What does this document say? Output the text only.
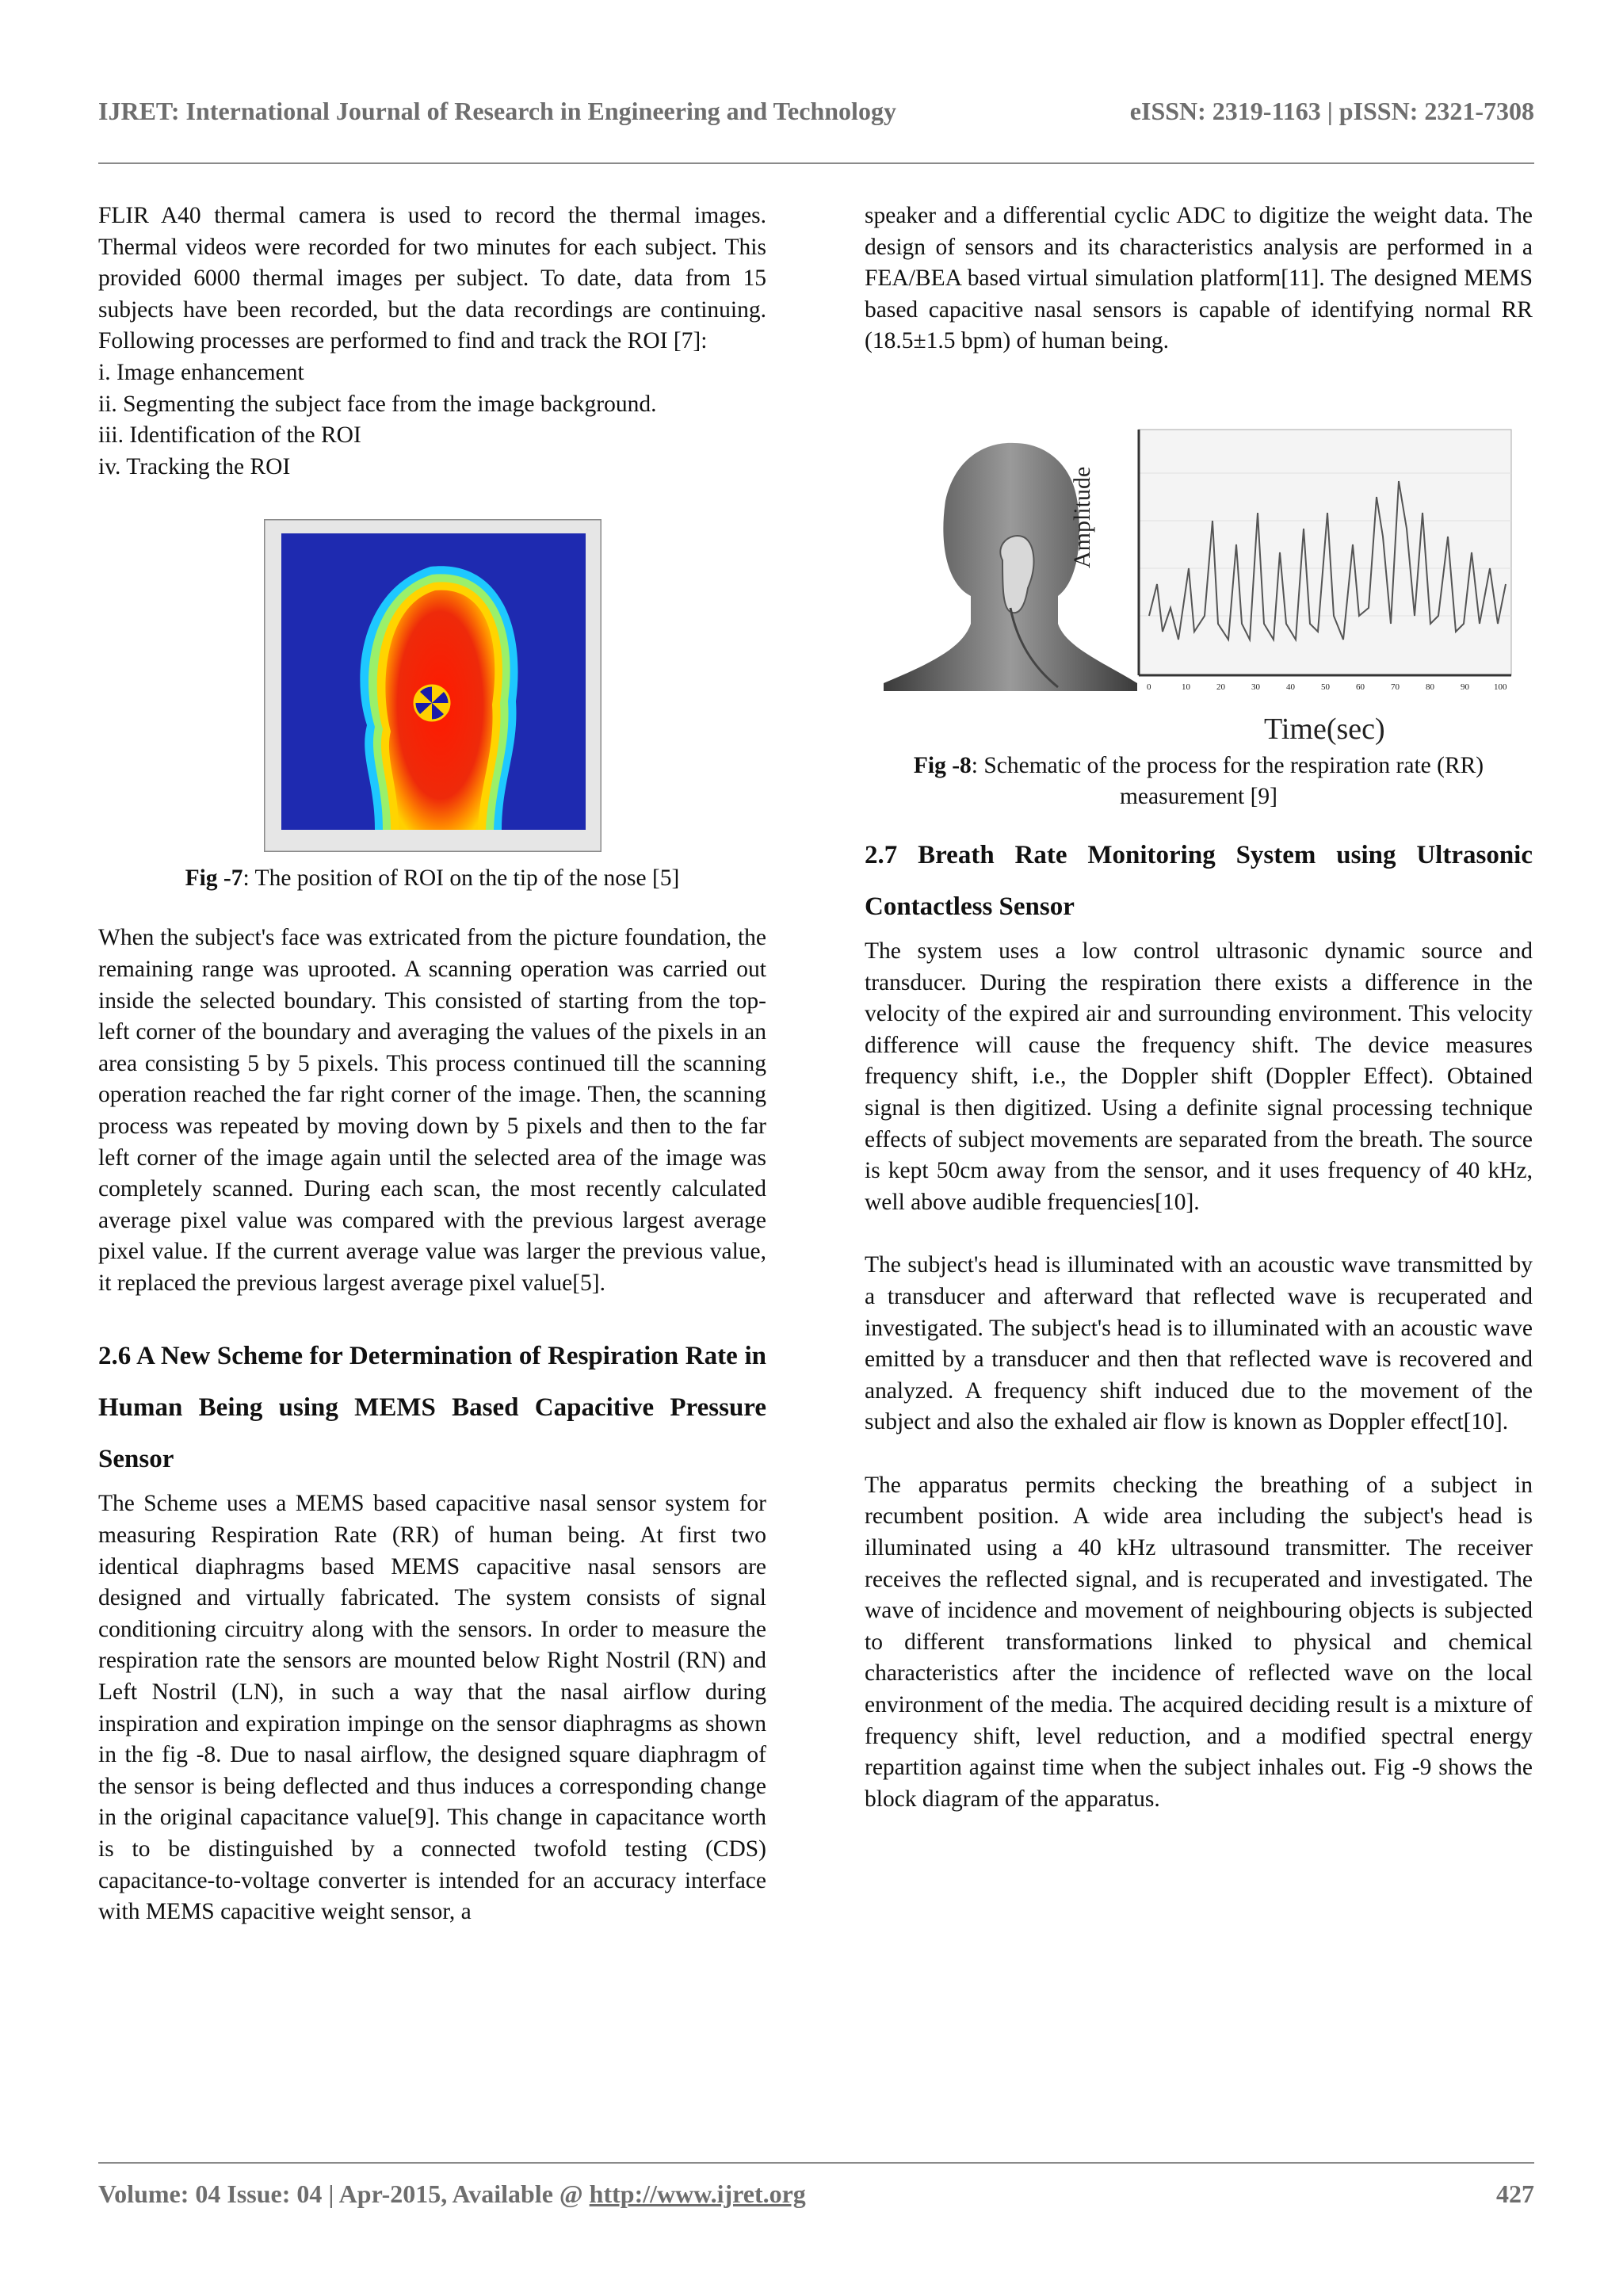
IJRET: International Journal of Research in Engineering and Technology	eISSN: 2319-1163 | pISSN: 2321-7308

FLIR A40 thermal camera is used to record the thermal images. Thermal videos were recorded for two minutes for each subject. This provided 6000 thermal images per subject. To date, data from 15 subjects have been recorded, but the data recordings are continuing. Following processes are performed to find and track the ROI [7]:

i. Image enhancement
ii. Segmenting the subject face from the image background.
iii. Identification of the ROI
iv. Tracking the ROI
Fig -7: The position of ROI on the tip of the nose [5]

When the subject's face was extricated from the picture foundation, the remaining range was uprooted. A scanning operation was carried out inside the selected boundary. This consisted of starting from the top-left corner of the boundary and averaging the values of the pixels in an area consisting 5 by 5 pixels. This process continued till the scanning operation reached the far right corner of the image. Then, the scanning process was repeated by moving down by 5 pixels and then to the far left corner of the image again until the selected area of the image was completely scanned. During each scan, the most recently calculated average pixel value was compared with the previous largest average pixel value. If the current average value was larger the previous value, it replaced the previous largest average pixel value[5].

2.6 A New Scheme for Determination of Respiration Rate in Human Being using MEMS Based Capacitive Pressure Sensor

The Scheme uses a MEMS based capacitive nasal sensor system for measuring Respiration Rate (RR) of human being. At first two identical diaphragms based MEMS capacitive nasal sensors are designed and virtually fabricated. The system consists of signal conditioning circuitry along with the sensors. In order to measure the respiration rate the sensors are mounted below Right Nostril (RN) and Left Nostril (LN), in such a way that the nasal airflow during inspiration and expiration impinge on the sensor diaphragms as shown in the fig -8. Due to nasal airflow, the designed square diaphragm of the sensor is being deflected and thus induces a corresponding change in the original capacitance value[9]. This change in capacitance worth is to be distinguished by a connected twofold testing (CDS) capacitance-to-voltage converter is intended for an accuracy interface with MEMS capacitive weight sensor, a

speaker and a differential cyclic ADC to digitize the weight data. The design of sensors and its characteristics analysis are performed in a FEA/BEA based virtual simulation platform[11]. The designed MEMS based capacitive nasal sensors is capable of identifying normal RR (18.5±1.5 bpm) of human being.

Amplitude
0	10	20	30	40	50	60	70	80	90	100
Time(sec)
Fig -8: Schematic of the process for the respiration rate (RR) measurement [9]
2.7 Breath Rate Monitoring System using Ultrasonic Contactless Sensor

The system uses a low control ultrasonic dynamic source and transducer. During the respiration there exists a difference in the velocity of the expired air and surrounding environment. This velocity difference will cause the frequency shift. The device measures frequency shift, i.e., the Doppler shift (Doppler Effect). Obtained signal is then digitized. Using a definite signal processing technique effects of subject movements are separated from the breath. The source is kept 50cm away from the sensor, and it uses frequency of 40 kHz, well above audible frequencies[10].

The subject's head is illuminated with an acoustic wave transmitted by a transducer and afterward that reflected wave is recuperated and investigated. The subject's head is to illuminated with an acoustic wave emitted by a transducer and then that reflected wave is recovered and analyzed. A frequency shift induced due to the movement of the subject and also the exhaled air flow is known as Doppler effect[10].

The apparatus permits checking the breathing of a subject in recumbent position. A wide area including the subject's head is illuminated using a 40 kHz ultrasound transmitter. The receiver receives the reflected signal, and is recuperated and investigated. The wave of incidence and movement of neighbouring objects is subjected to different transformations linked to physical and chemical characteristics after the incidence of reflected wave on the local environment of the media. The acquired deciding result is a mixture of frequency shift, level reduction, and a modified spectral energy repartition against time when the subject inhales out. Fig -9 shows the block diagram of the apparatus.

Volume: 04 Issue: 04 | Apr-2015, Available @ http://www.ijret.org	427
